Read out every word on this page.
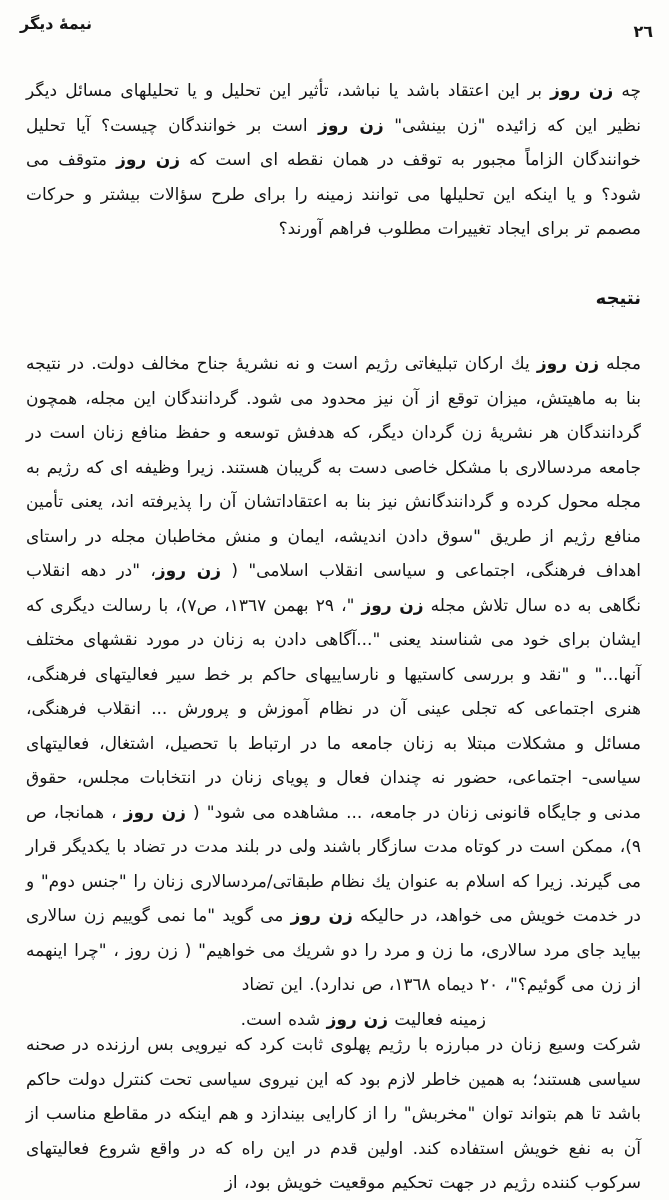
نیمهٔ دیگر	٢٦

چه زن روز بر این اعتقاد باشد یا نباشد، تأثیر این تحلیل و یا تحلیلهای مسائل دیگر نظیر این که زائیده "زن بینشی" زن روز است بر خوانندگان چیست؟ آیا تحلیل خوانندگان الزاماً مجبور به توقف در همان نقطه ای است که زن روز متوقف می شود؟ و یا اینکه این تحلیلها می توانند زمینه را برای طرح سؤالات بیشتر و حرکات مصمم تر برای ایجاد تغییرات مطلوب فراهم آورند؟

نتیجه

مجله زن روز یك ارکان تبلیغاتی رژیم است و نه نشریهٔ جناح مخالف دولت. در نتیجه بنا به ماهیتش، میزان توقع از آن نیز محدود می شود. گردانندگان این مجله، همچون گردانندگان هر نشریهٔ زن گردان دیگر، که هدفش توسعه و حفظ منافع زنان است در جامعه مردسالاری با مشکل خاصی دست به گریبان هستند. زیرا وظیفه ای که رژیم به مجله محول کرده و گردانندگانش نیز بنا به اعتقاداتشان آن را پذیرفته اند، یعنی تأمین منافع رژیم از طریق "سوق دادن اندیشه، ایمان و منش مخاطبان مجله در راستای اهداف فرهنگی، اجتماعی و سیاسی انقلاب اسلامی" ( زن روز، "در دهه انقلاب نگاهی به ده سال تلاش مجله زن روز "، ٢٩ بهمن ١٣٦٧، ص٧)، با رسالت دیگری که ایشان برای خود می شناسند یعنی "...آگاهی دادن به زنان در مورد نقشهای مختلف آنها..." و "نقد و بررسی کاستیها و نارساییهای حاکم بر خط سیر فعالیتهای فرهنگی، هنری اجتماعی که تجلی عینی آن در نظام آموزش و پرورش ... انقلاب فرهنگی، مسائل و مشکلات مبتلا به زنان جامعه ما در ارتباط با تحصیل، اشتغال، فعالیتهای سیاسی- اجتماعی، حضور نه چندان فعال و پویای زنان در انتخابات مجلس، حقوق مدنی و جایگاه قانونی زنان در جامعه، ... مشاهده می شود" ( زن روز ، همانجا، ص ٩)، ممکن است در کوتاه مدت سازگار باشند ولی در بلند مدت در تضاد با یکدیگر قرار می گیرند. زیرا که اسلام به عنوان یك نظام طبقاتی/مردسالاری زنان را "جنس دوم" و در خدمت خویش می خواهد، در حالیکه زن روز می گوید "ما نمی گوییم زن سالاری بیاید جای مرد سالاری، ما زن و مرد را دو شریك می خواهیم" ( زن روز ، "چرا اینهمه از زن می گوئیم؟"، ٢٠ دیماه ١٣٦٨، ص ندارد). این تضاد

زمینه فعالیت زن روز شده است.

شرکت وسیع زنان در مبارزه با رژیم پهلوی ثابت کرد که نیرویی بس ارزنده در صحنه سیاسی هستند؛ به همین خاطر لازم بود که این نیروی سیاسی تحت کنترل دولت حاکم باشد تا هم بتواند توان "مخربش" را از کارایی بیندازد و هم اینکه در مقاطع مناسب از آن به نفع خویش استفاده کند. اولین قدم در این راه که در واقع شروع فعالیتهای سرکوب کننده رژیم در جهت تحکیم موقعیت خویش بود، از
